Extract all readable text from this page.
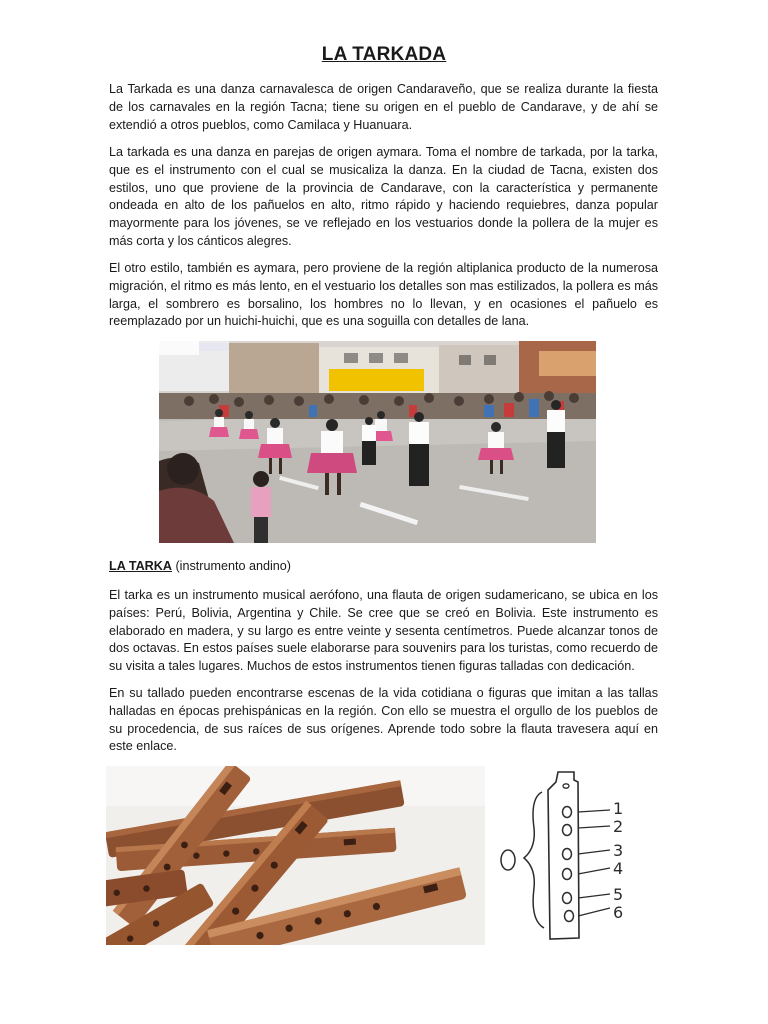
LA TARKADA

La Tarkada es una danza carnavalesca de origen Candaraveño, que se realiza durante la fiesta de los carnavales en la región Tacna; tiene su origen en el pueblo de Candarave, y de ahí se extendió a otros pueblos, como Camilaca y Huanuara.

La tarkada es una danza en parejas de origen aymara. Toma el nombre de tarkada, por la tarka, que es el instrumento con el cual se musicaliza la danza. En la ciudad de Tacna, existen dos estilos, uno que proviene de la provincia de Candarave, con la característica y permanente ondeada en alto de los pañuelos en alto, ritmo rápido y haciendo requiebres, danza popular mayormente para los jóvenes, se ve reflejado en los vestuarios donde la pollera de la mujer es más corta y los cánticos alegres.

El otro estilo, también es aymara, pero proviene de la región altiplanica producto de la numerosa migración, el ritmo es más lento, en el vestuario los detalles son mas estilizados, la pollera es más larga, el sombrero es borsalino, los hombres no lo llevan, y en ocasiones el pañuelo es reemplazado por un huichi-huichi, que es una soguilla con detalles de lana.

LA TARKA (instrumento andino)

El tarka es un instrumento musical aerófono, una flauta de origen sudamericano, se ubica en los países: Perú, Bolivia, Argentina y Chile. Se cree que se creó en Bolivia. Este instrumento es elaborado en madera, y su largo es entre veinte y sesenta centímetros. Puede alcanzar tonos de dos octavas. En estos países suele elaborarse para souvenirs para los turistas, como recuerdo de su visita a tales lugares. Muchos de estos instrumentos tienen figuras talladas con dedicación.

En su tallado pueden encontrarse escenas de la vida cotidiana o figuras que imitan a las tallas halladas en épocas prehispánicas en la región. Con ello se muestra el orgullo de los pueblos de su procedencia, de sus raíces de sus orígenes. Aprende todo sobre la flauta travesera aquí en este enlace.

1
2
3
4
5
6
